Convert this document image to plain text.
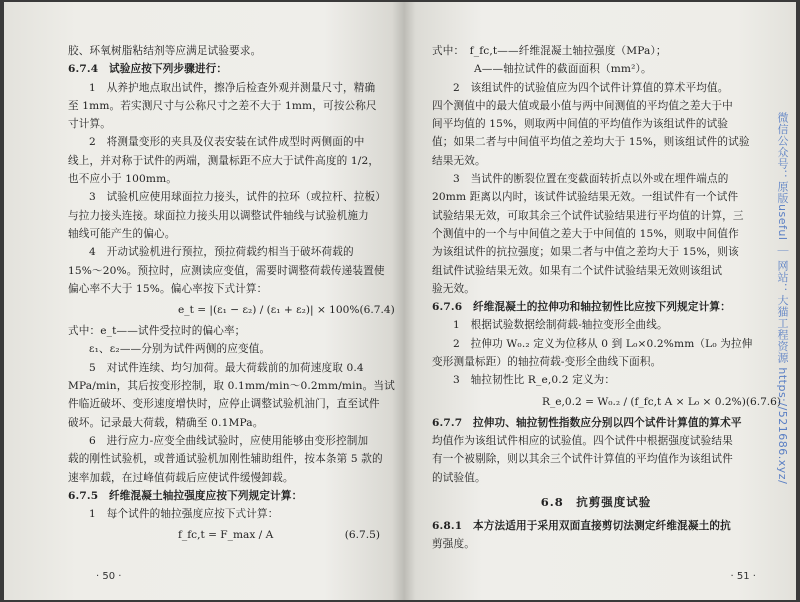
胶、环氧树脂粘结剂等应满足试验要求。
6.7.4　试验应按下列步骤进行：
1　从养护地点取出试件，擦净后检查外观并测量尺寸，精确
至 1mm。若实测尺寸与公称尺寸之差不大于 1mm，可按公称尺
寸计算。
2　将测量变形的夹具及仪表安装在试件成型时两侧面的中
线上，并对称于试件的两端，测量标距不应大于试件高度的 1/2，
也不应小于 100mm。
3　试验机应使用球面拉力接头，试件的拉环（或拉杆、拉板）
与拉力接头连接。球面拉力接头用以调整试件轴线与试验机施力
轴线可能产生的偏心。
4　开动试验机进行预拉，预拉荷载约相当于破坏荷载的
15%～20%。预拉时，应测读应变值，需要时调整荷载传递装置使
偏心率不大于 15%。偏心率按下式计算：
e_t = |(ε₁ − ε₂) / (ε₁ + ε₂)| × 100% (6.7.4)
式中：e_t——试件受拉时的偏心率；
ε₁、ε₂——分别为试件两侧的应变值。
5　对试件连续、均匀加荷。最大荷载前的加荷速度取 0.4
MPa/min，其后按变形控制，取 0.1mm/min～0.2mm/min。当试
件临近破坏、变形速度增快时，应停止调整试验机油门，直至试件
破坏。记录最大荷载，精确至 0.1MPa。
6　进行应力-应变全曲线试验时，应使用能够由变形控制加
载的刚性试验机，或普通试验机加刚性辅助组件，按本条第 5 款的
速率加载，在过峰值荷载后应使试件缓慢卸载。
6.7.5　纤维混凝土轴拉强度应按下列规定计算：
1　每个试件的轴拉强度应按下式计算：
f_fc,t = F_max / A	(6.7.5)
· 50 ·
式中：　f_fc,t——纤维混凝土轴拉强度（MPa）；
A——轴拉试件的截面面积（mm²）。
2　该组试件的试验值应为四个试件计算值的算术平均值。
四个测值中的最大值或最小值与两中间测值的平均值之差大于中
间平均值的 15%，则取两中间值的平均值作为该组试件的试验
值；如果二者与中间值平均值之差均大于 15%，则该组试件的试验
结果无效。
3　当试件的断裂位置在变截面转折点以外或在埋件端点的
20mm 距离以内时，该试件试验结果无效。一组试件有一个试件
试验结果无效，可取其余三个试件试验结果进行平均值的计算，三
个测值中的一个与中间值之差大于中间值的 15%，则取中间值作
为该组试件的抗拉强度；如果二者与中值之差均大于 15%，则该
组试件试验结果无效。如果有二个试件试验结果无效则该组试
验无效。
6.7.6　纤维混凝土的拉伸功和轴拉韧性比应按下列规定计算：
1　根据试验数据绘制荷载-轴拉变形全曲线。
2　拉伸功 W₀.₂ 定义为位移从 0 到 L₀×0.2%mm（L₀ 为拉伸
变形测量标距）的轴拉荷载-变形全曲线下面积。
3　轴拉韧性比 R_e,0.2 定义为：
R_e,0.2 = W₀.₂ / (f_fc,t A × L₀ × 0.2%) (6.7.6)
6.7.7　拉伸功、轴拉韧性指数应分别以四个试件计算值的算术平
均值作为该组试件相应的试验值。四个试件中根据强度试验结果
有一个被剔除，则以其余三个试件计算值的平均值作为该组试件
的试验值。
6.8　抗剪强度试验
6.8.1　本方法适用于采用双面直接剪切法测定纤维混凝土的抗
剪强度。
· 51 ·
微信公众号：原版useful ｜ 网站：大猫工程资源 https://521686.xyz/
